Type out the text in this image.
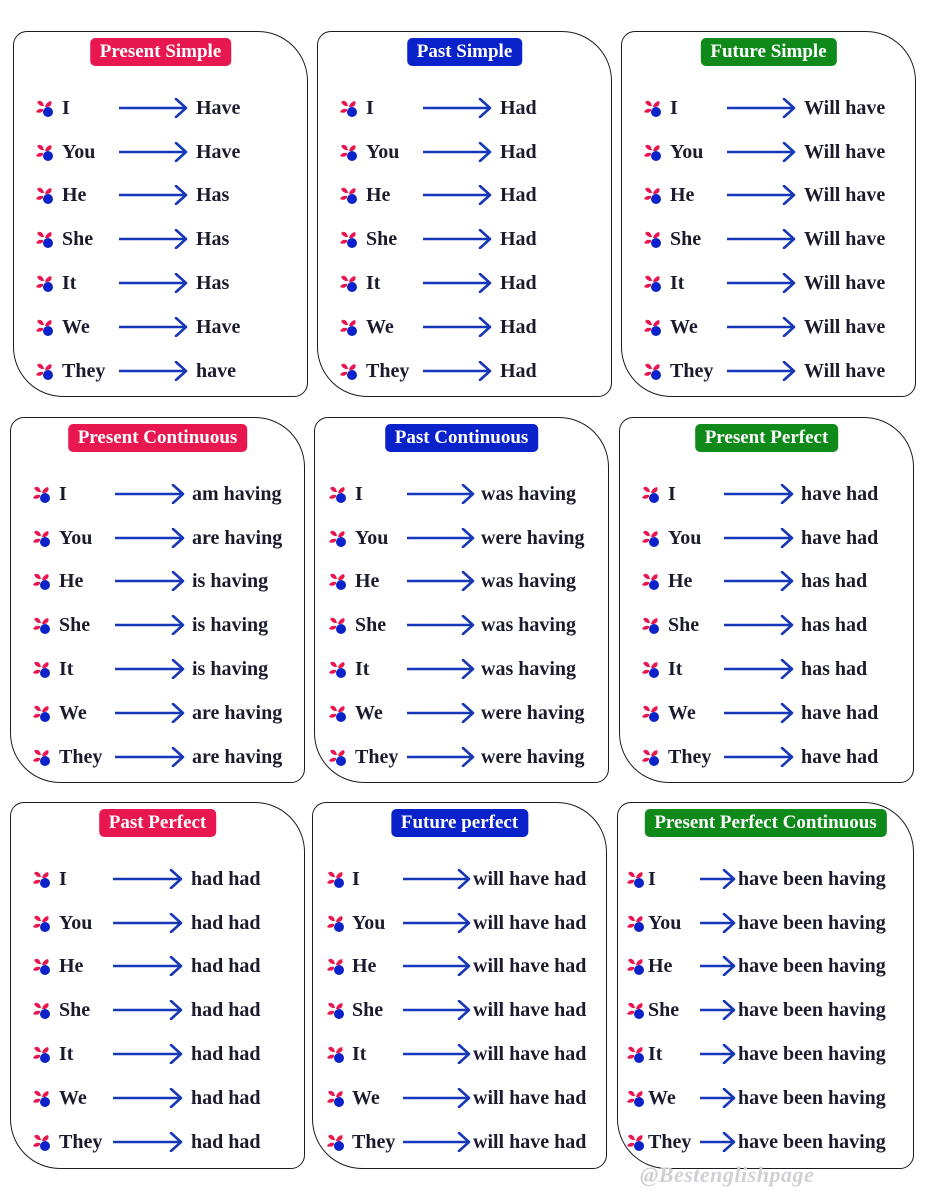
Present Simple
I	Have
You	Have
He	Has
She	Has
It	Has
We	Have
They	have
Past Simple
I	Had
You	Had
He	Had
She	Had
It	Had
We	Had
They	Had
Future Simple
I	Will have
You	Will have
He	Will have
She	Will have
It	Will have
We	Will have
They	Will have
Present Continuous
I	am having
You	are having
He	is having
She	is having
It	is having
We	are having
They	are having
Past Continuous
I	was having
You	were having
He	was having
She	was having
It	was having
We	were having
They	were having
Present Perfect
I	have had
You	have had
He	has had
She	has had
It	has had
We	have had
They	have had
Past Perfect
I	had had
You	had had
He	had had
She	had had
It	had had
We	had had
They	had had
Future perfect
I	will have had
You	will have had
He	will have had
She	will have had
It	will have had
We	will have had
They	will have had
Present Perfect Continuous
I	have been having
You	have been having
He	have been having
She	have been having
It	have been having
We	have been having
They have been having
@Bestenglishpage
